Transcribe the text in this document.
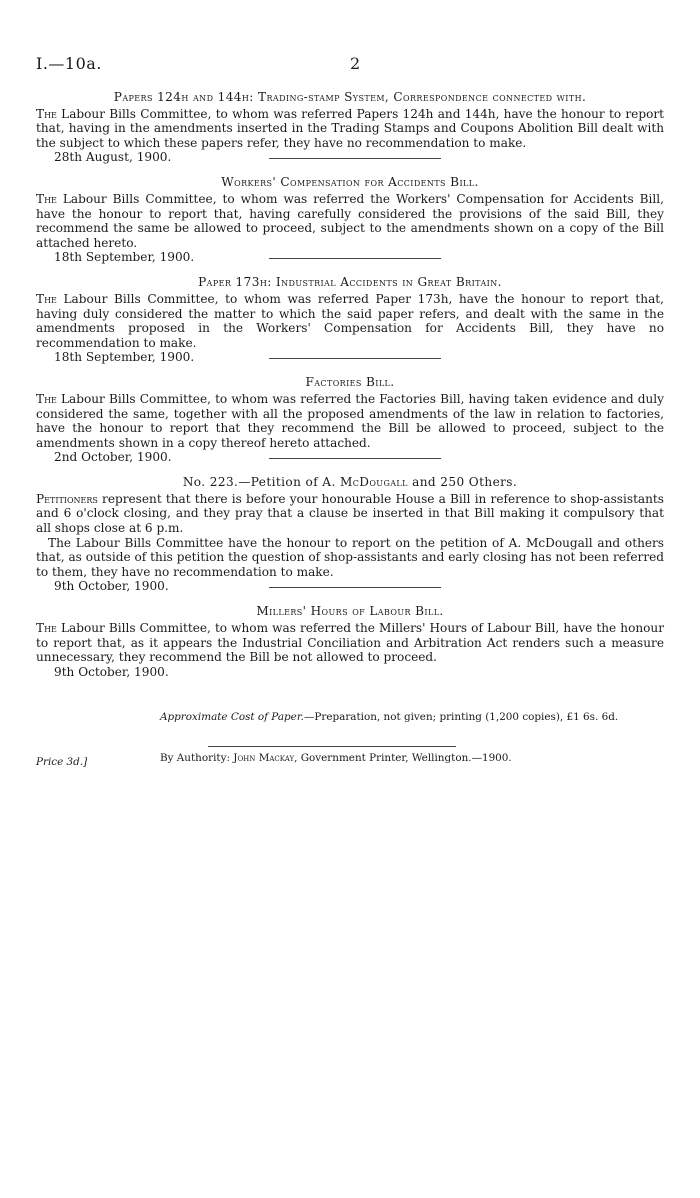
I.—10a.	2

Papers 124h and 144h: Trading-stamp System, Correspondence connected with.

The Labour Bills Committee, to whom was referred Papers 124h and 144h, have the honour to report that, having in the amendments inserted in the Trading Stamps and Coupons Abolition Bill dealt with the subject to which these papers refer, they have no recommendation to make.

28th August, 1900.

Workers' Compensation for Accidents Bill.

The Labour Bills Committee, to whom was referred the Workers' Compensation for Accidents Bill, have the honour to report that, having carefully considered the provisions of the said Bill, they recommend the same be allowed to proceed, subject to the amendments shown on a copy of the Bill attached hereto.

18th September, 1900.

Paper 173h: Industrial Accidents in Great Britain.

The Labour Bills Committee, to whom was referred Paper 173h, have the honour to report that, having duly considered the matter to which the said paper refers, and dealt with the same in the amendments proposed in the Workers' Compensation for Accidents Bill, they have no recommendation to make.

18th September, 1900.

Factories Bill.

The Labour Bills Committee, to whom was referred the Factories Bill, having taken evidence and duly considered the same, together with all the proposed amendments of the law in relation to factories, have the honour to report that they recommend the Bill be allowed to proceed, subject to the amendments shown in a copy thereof hereto attached.

2nd October, 1900.

No. 223.—Petition of A. McDougall and 250 Others.

Petitioners represent that there is before your honourable House a Bill in reference to shop-assistants and 6 o'clock closing, and they pray that a clause be inserted in that Bill making it compulsory that all shops close at 6 p.m.

The Labour Bills Committee have the honour to report on the petition of A. McDougall and others that, as outside of this petition the question of shop-assistants and early closing has not been referred to them, they have no recommendation to make.

9th October, 1900.

Millers' Hours of Labour Bill.

The Labour Bills Committee, to whom was referred the Millers' Hours of Labour Bill, have the honour to report that, as it appears the Industrial Conciliation and Arbitration Act renders such a measure unnecessary, they recommend the Bill be not allowed to proceed.

9th October, 1900.

Approximate Cost of Paper.—Preparation, not given; printing (1,200 copies), £1 6s. 6d.

Price 3d.]	By Authority: John Mackay, Government Printer, Wellington.—1900.
